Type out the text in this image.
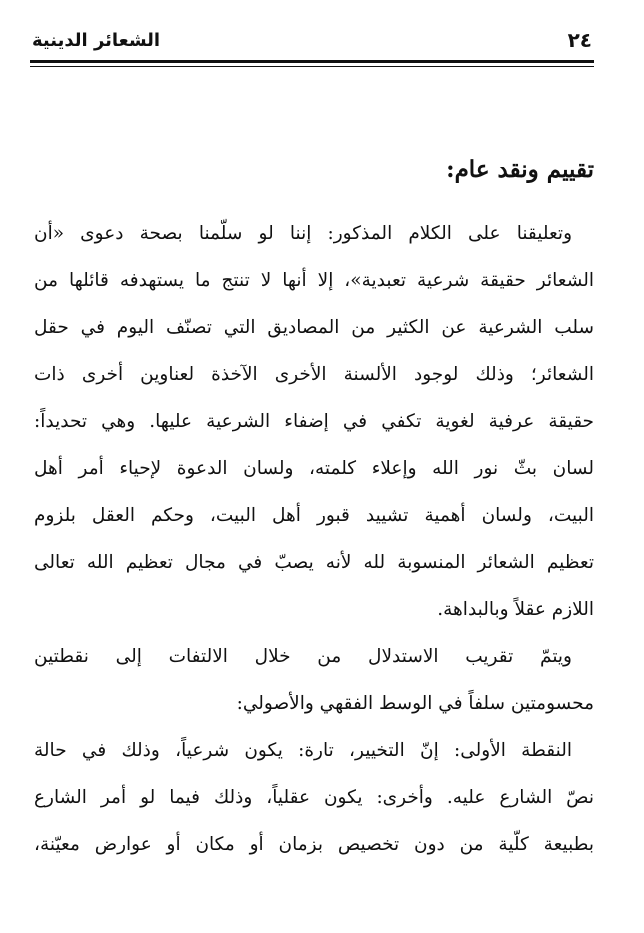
٢٤
الشعائر الدينية
تقييم ونقد عام:
وتعليقنا على الكلام المذكور: إننا لو سلّمنا بصحة دعوى «أن
الشعائر حقيقة شرعية تعبدية»، إلا أنها لا تنتج ما يستهدفه قائلها من
سلب الشرعية عن الكثير من المصاديق التي تصنّف اليوم في حقل
الشعائر؛ وذلك لوجود الألسنة الأخرى الآخذة لعناوين أخرى ذات
حقيقة عرفية لغوية تكفي في إضفاء الشرعية عليها. وهي تحديداً:
لسان بثّ نور الله وإعلاء كلمته، ولسان الدعوة لإحياء أمر أهل
البيت، ولسان أهمية تشييد قبور أهل البيت، وحكم العقل بلزوم
تعظيم الشعائر المنسوبة لله لأنه يصبّ في مجال تعظيم الله تعالى
اللازم عقلاً وبالبداهة.
ويتمّ تقريب الاستدلال من خلال الالتفات إلى نقطتين
محسومتين سلفاً في الوسط الفقهي والأصولي:
النقطة الأولى: إنّ التخيير، تارة: يكون شرعياً، وذلك في حالة
نصّ الشارع عليه. وأخرى: يكون عقلياً، وذلك فيما لو أمر الشارع
بطبيعة كلّية من دون تخصيص بزمان أو مكان أو عوارض معيّنة،
